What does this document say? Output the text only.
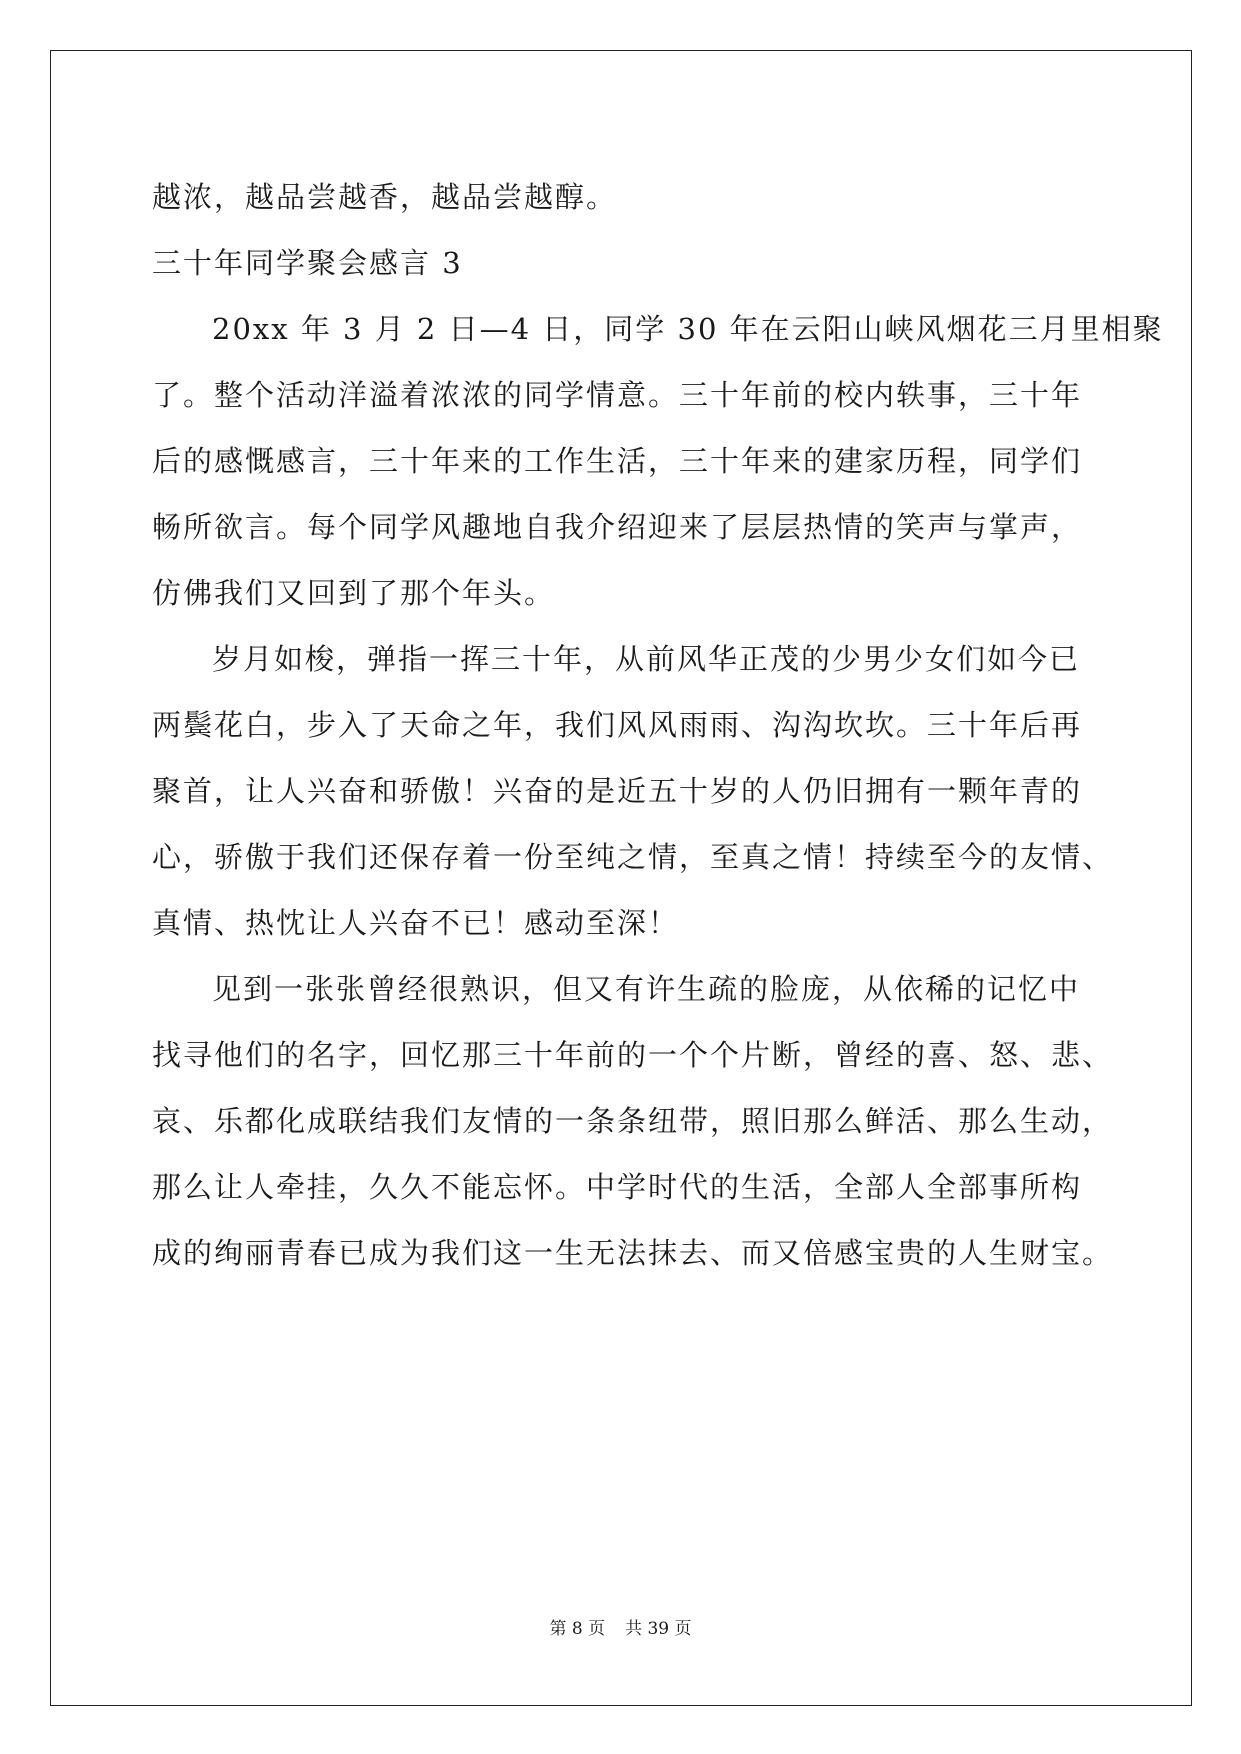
越浓，越品尝越香，越品尝越醇。
三十年同学聚会感言 3
20xx 年 3 月 2 日—4 日，同学 30 年在云阳山峡风烟花三月里相聚
了。整个活动洋溢着浓浓的同学情意。三十年前的校内轶事，三十年
后的感慨感言，三十年来的工作生活，三十年来的建家历程，同学们
畅所欲言。每个同学风趣地自我介绍迎来了层层热情的笑声与掌声，
仿佛我们又回到了那个年头。
岁月如梭，弹指一挥三十年，从前风华正茂的少男少女们如今已
两鬓花白，步入了天命之年，我们风风雨雨、沟沟坎坎。三十年后再
聚首，让人兴奋和骄傲！兴奋的是近五十岁的人仍旧拥有一颗年青的
心，骄傲于我们还保存着一份至纯之情，至真之情！持续至今的友情、
真情、热忱让人兴奋不已！感动至深！
见到一张张曾经很熟识，但又有许生疏的脸庞，从依稀的记忆中
找寻他们的名字，回忆那三十年前的一个个片断，曾经的喜、怒、悲、
哀、乐都化成联结我们友情的一条条纽带，照旧那么鲜活、那么生动，
那么让人牵挂，久久不能忘怀。中学时代的生活，全部人全部事所构
成的绚丽青春已成为我们这一生无法抹去、而又倍感宝贵的人生财宝。
第 8 页 共 39 页
